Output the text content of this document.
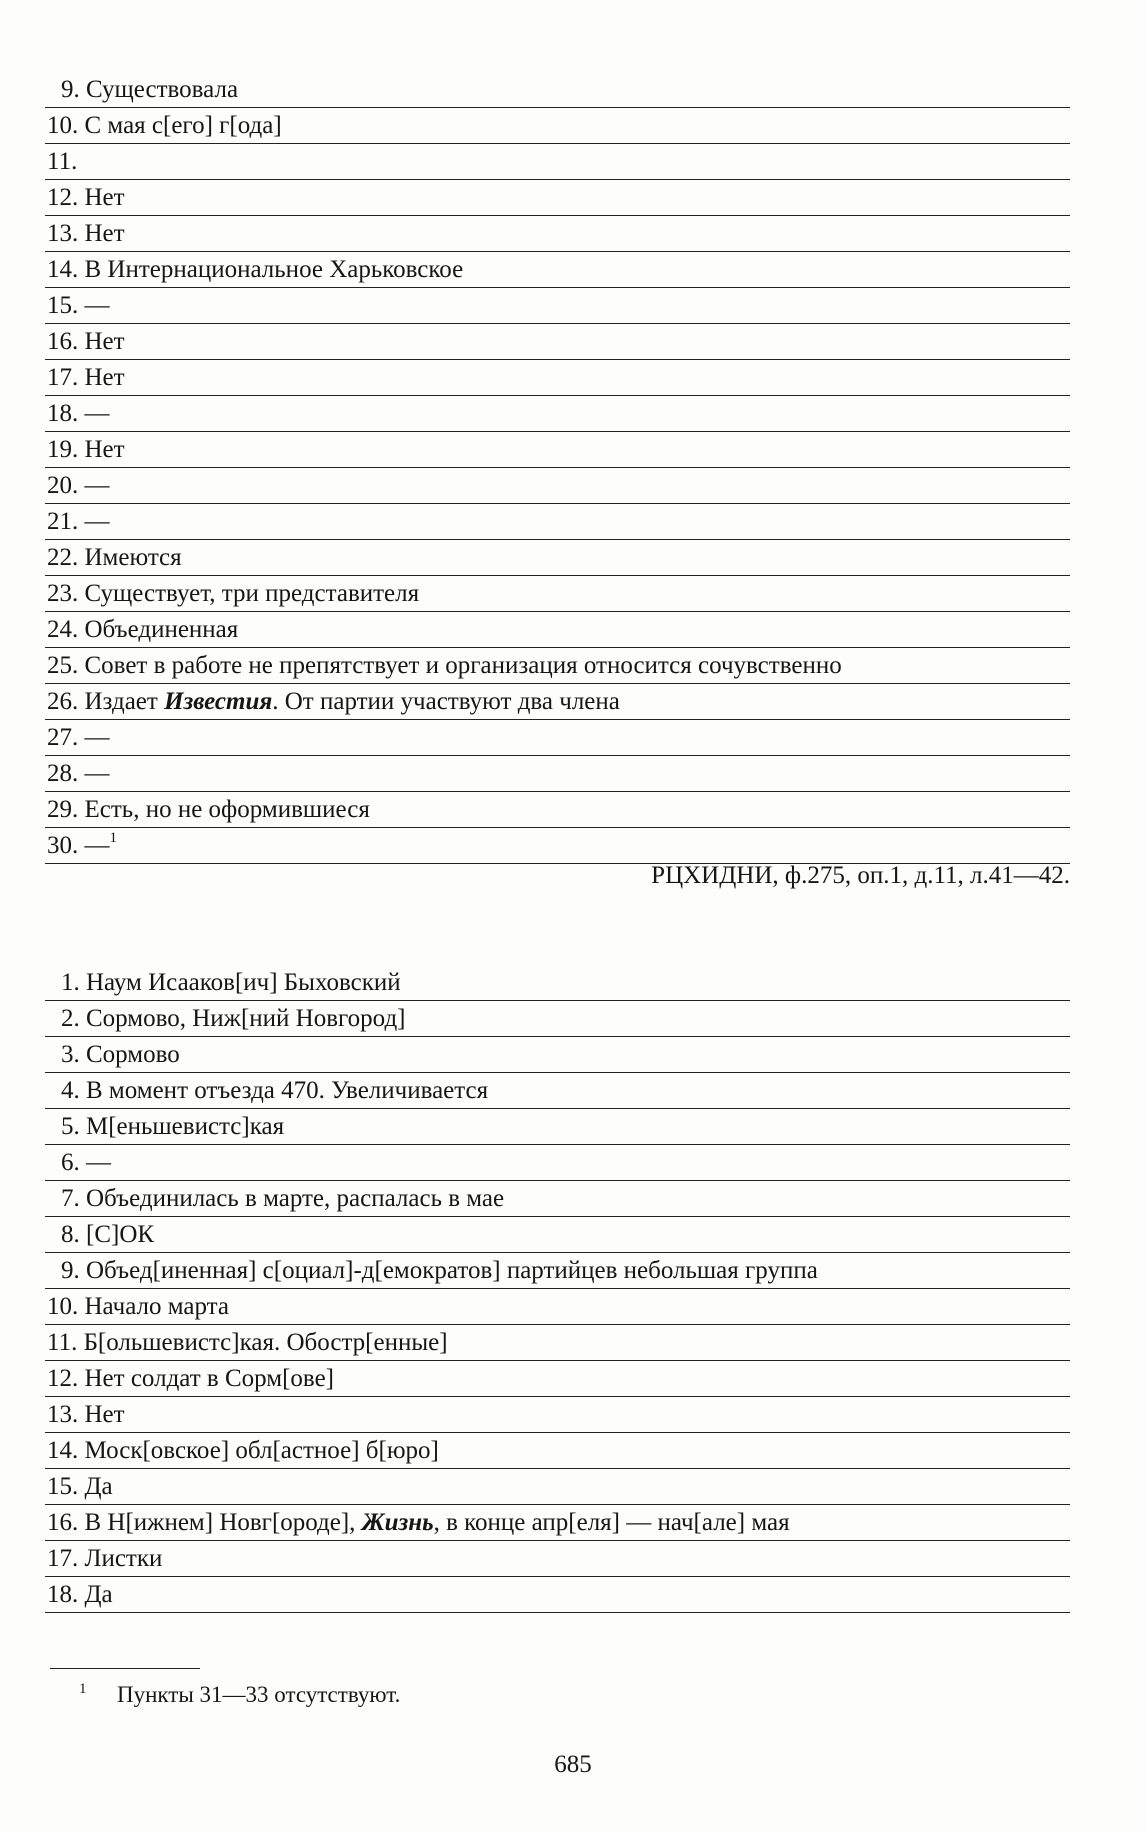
9. Существовала
10. С мая с[его] г[ода]
11.
12. Нет
13. Нет
14. В Интернациональное Харьковское
15. —
16. Нет
17. Нет
18. —
19. Нет
20. —
21. —
22. Имеются
23. Существует, три представителя
24. Объединенная
25. Совет в работе не препятствует и организация относится сочувственно
26. Издает Известия. От партии участвуют два члена
27. —
28. —
29. Есть, но не оформившиеся
30. —$^1$
РЦХИДНИ, ф.275, оп.1, д.11, л.41—42.
1. Наум Исааков[ич] Быховский
2. Сормово, Ниж[ний Новгород]
3. Сормово
4. В момент отъезда 470. Увеличивается
5. М[еньшевистс]кая
6. —
7. Объединилась в марте, распалась в мае
8. [С]ОК
9. Объед[иненная] с[оциал]-д[емократов] партийцев небольшая группа
10. Начало марта
11. Б[ольшевистс]кая. Обостр[енные]
12. Нет солдат в Сорм[ове]
13. Нет
14. Моск[овское] обл[астное] б[юро]
15. Да
16. В Н[ижнем] Новг[ороде], Жизнь, в конце апр[еля] — нач[але] мая
17. Листки
18. Да
1 Пункты 31—33 отсутствуют.
685
